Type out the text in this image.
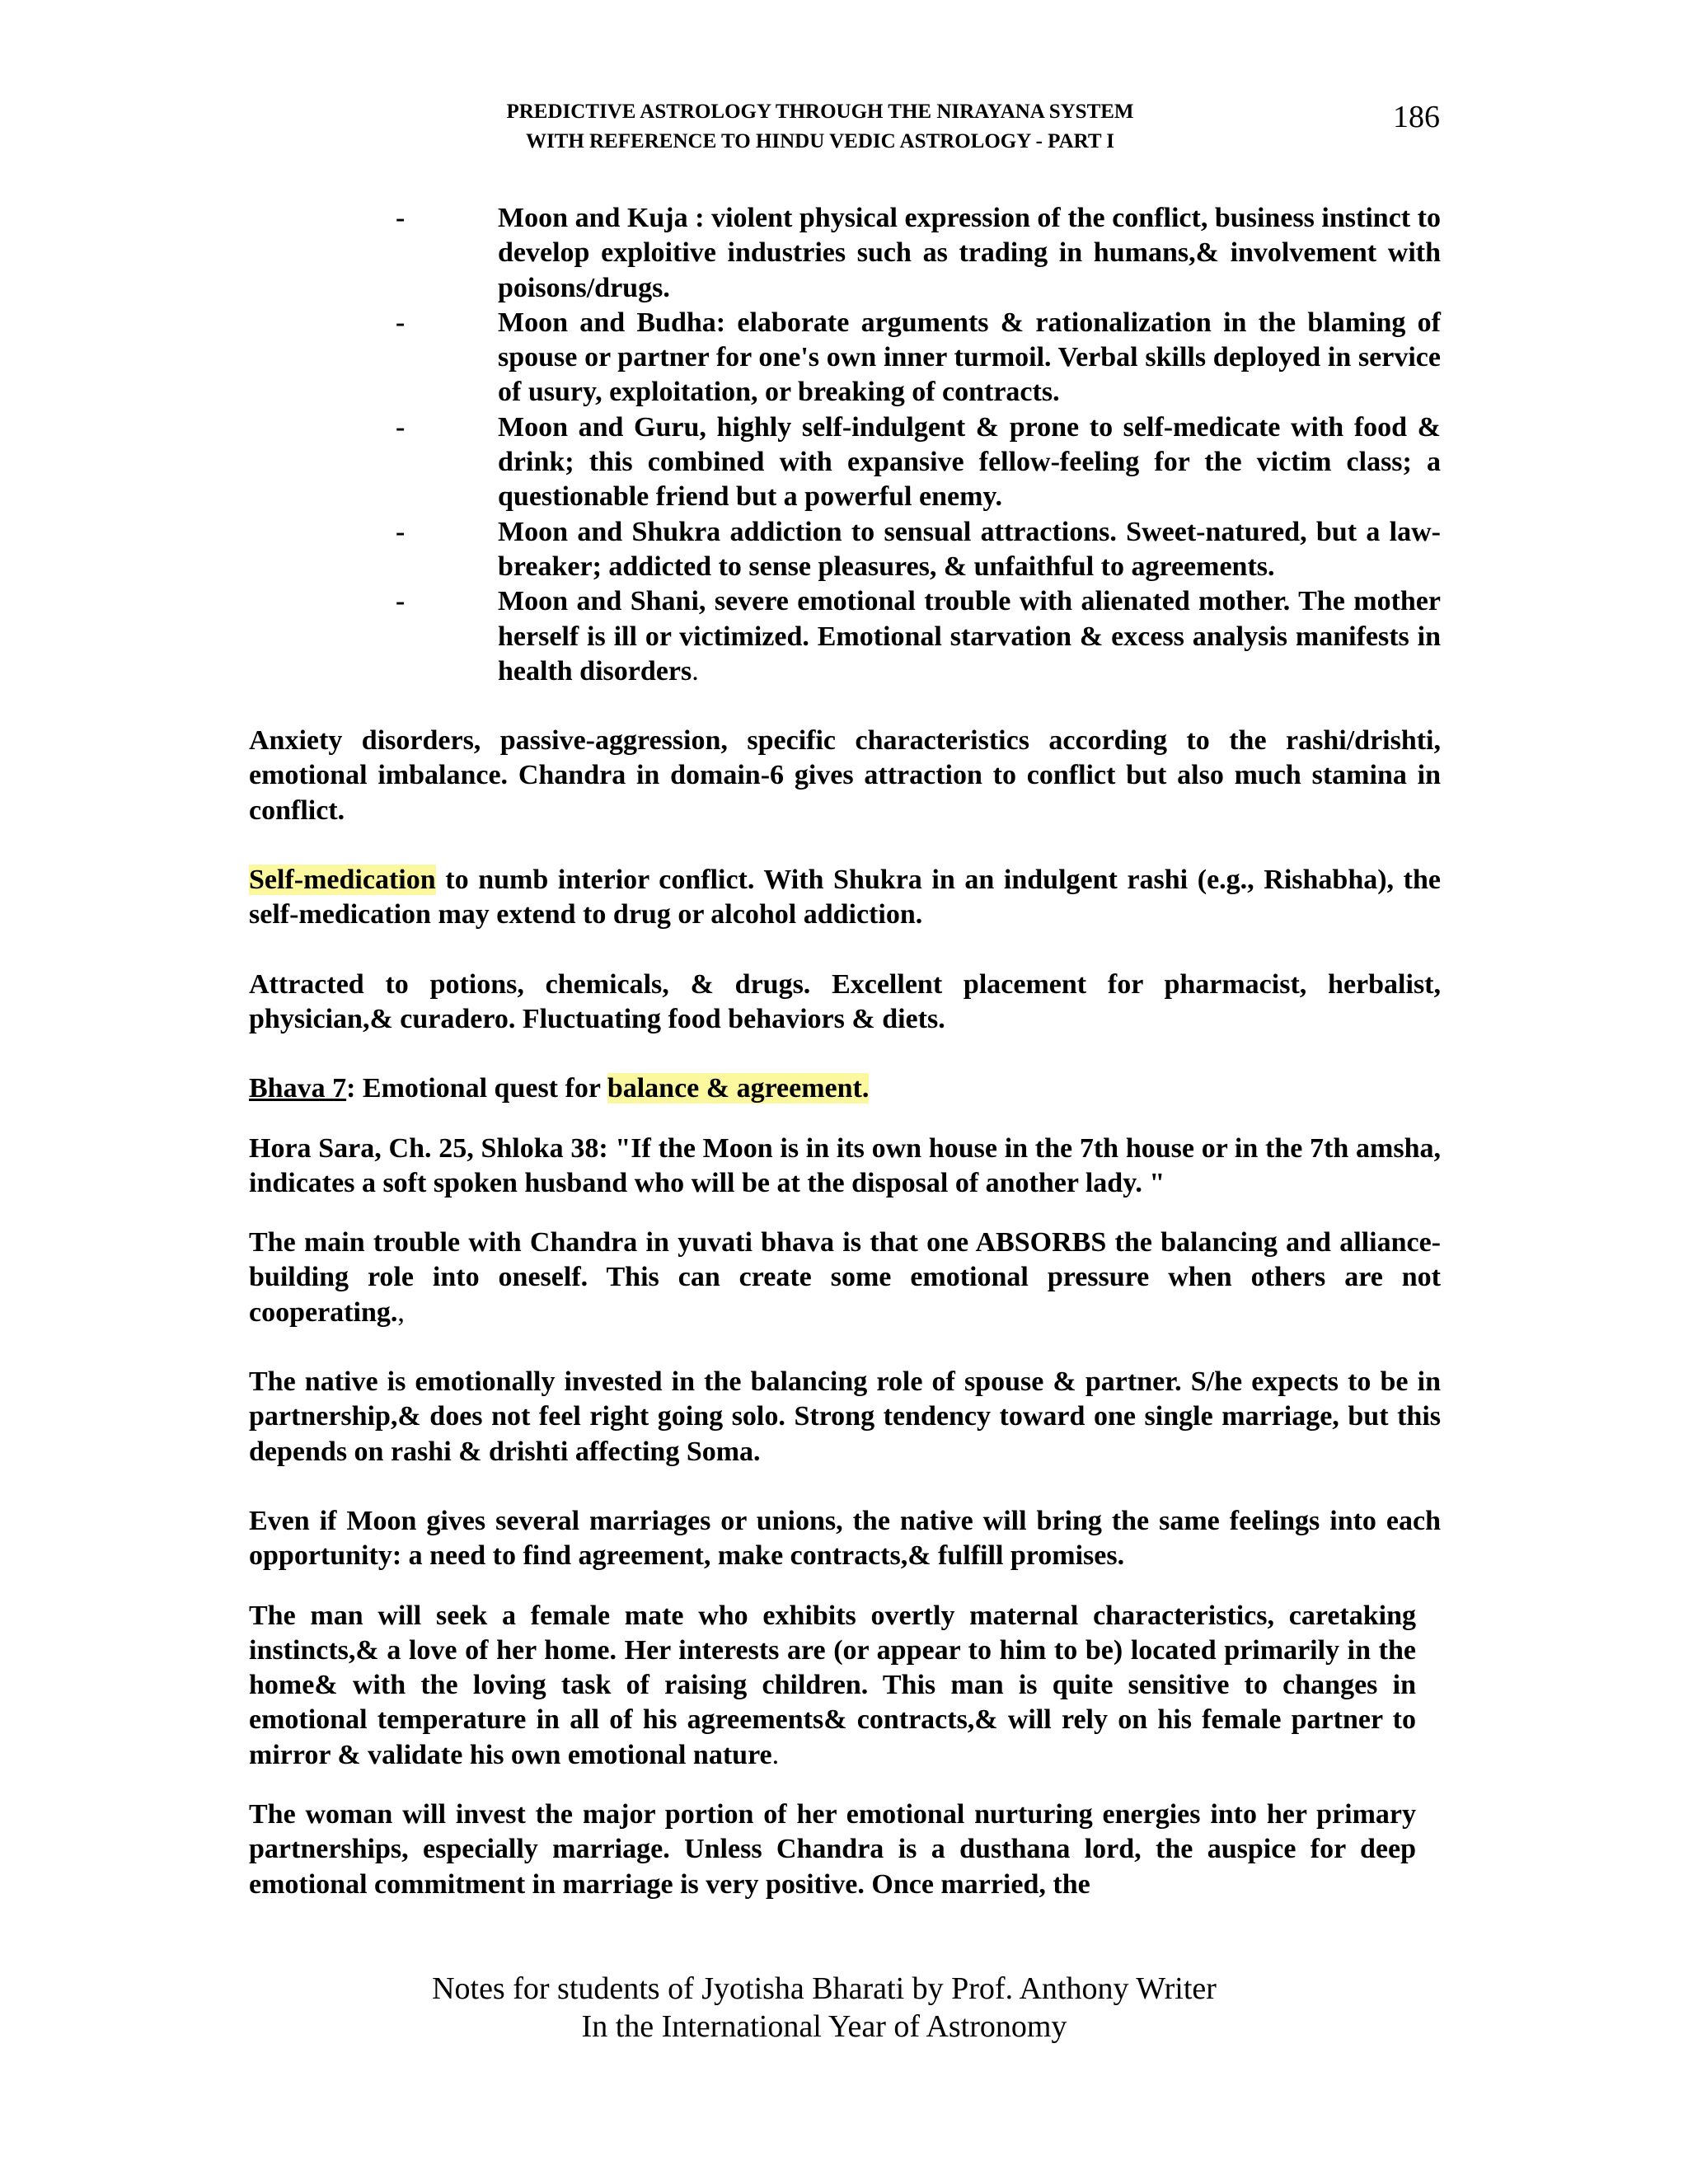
PREDICTIVE ASTROLOGY THROUGH THE NIRAYANA SYSTEM
WITH REFERENCE TO HINDU VEDIC ASTROLOGY - PART I
186
-	Moon and Kuja : violent physical expression of the conflict, business instinct to develop exploitive industries such as trading in humans,& involvement with poisons/drugs.
-	Moon and Budha: elaborate arguments & rationalization in the blaming of spouse or partner for one's own inner turmoil. Verbal skills deployed in service of usury, exploitation, or breaking of contracts.
-	Moon and Guru, highly self-indulgent & prone to self-medicate with food & drink; this combined with expansive fellow-feeling for the victim class; a questionable friend but a powerful enemy.
-	Moon and Shukra addiction to sensual attractions. Sweet-natured, but a law-breaker; addicted to sense pleasures, & unfaithful to agreements.
-	Moon and Shani, severe emotional trouble with alienated mother. The mother herself is ill or victimized. Emotional starvation & excess analysis manifests in health disorders.

Anxiety disorders, passive-aggression, specific characteristics according to the rashi/drishti, emotional imbalance. Chandra in domain-6 gives attraction to conflict but also much stamina in conflict.

Self-medication to numb interior conflict. With Shukra in an indulgent rashi (e.g., Rishabha), the self-medication may extend to drug or alcohol addiction.

Attracted to potions, chemicals, & drugs. Excellent placement for pharmacist, herbalist, physician,& curadero. Fluctuating food behaviors & diets.

Bhava 7: Emotional quest for balance & agreement.

Hora Sara, Ch. 25, Shloka 38: "If the Moon is in its own house in the 7th house or in the 7th amsha, indicates a soft spoken husband who will be at the disposal of another lady. "

The main trouble with Chandra in yuvati bhava is that one ABSORBS the balancing and alliance-building role into oneself. This can create some emotional pressure when others are not cooperating.,

The native is emotionally invested in the balancing role of spouse & partner. S/he expects to be in partnership,& does not feel right going solo. Strong tendency toward one single marriage, but this depends on rashi & drishti affecting Soma.

Even if Moon gives several marriages or unions, the native will bring the same feelings into each opportunity: a need to find agreement, make contracts,& fulfill promises.

The man will seek a female mate who exhibits overtly maternal characteristics, caretaking instincts,& a love of her home. Her interests are (or appear to him to be) located primarily in the home& with the loving task of raising children. This man is quite sensitive to changes in emotional temperature in all of his agreements& contracts,& will rely on his female partner to mirror & validate his own emotional nature.

The woman will invest the major portion of her emotional nurturing energies into her primary partnerships, especially marriage. Unless Chandra is a dusthana lord, the auspice for deep emotional commitment in marriage is very positive. Once married, the

Notes for students of Jyotisha Bharati by Prof. Anthony Writer
In the International Year of Astronomy
